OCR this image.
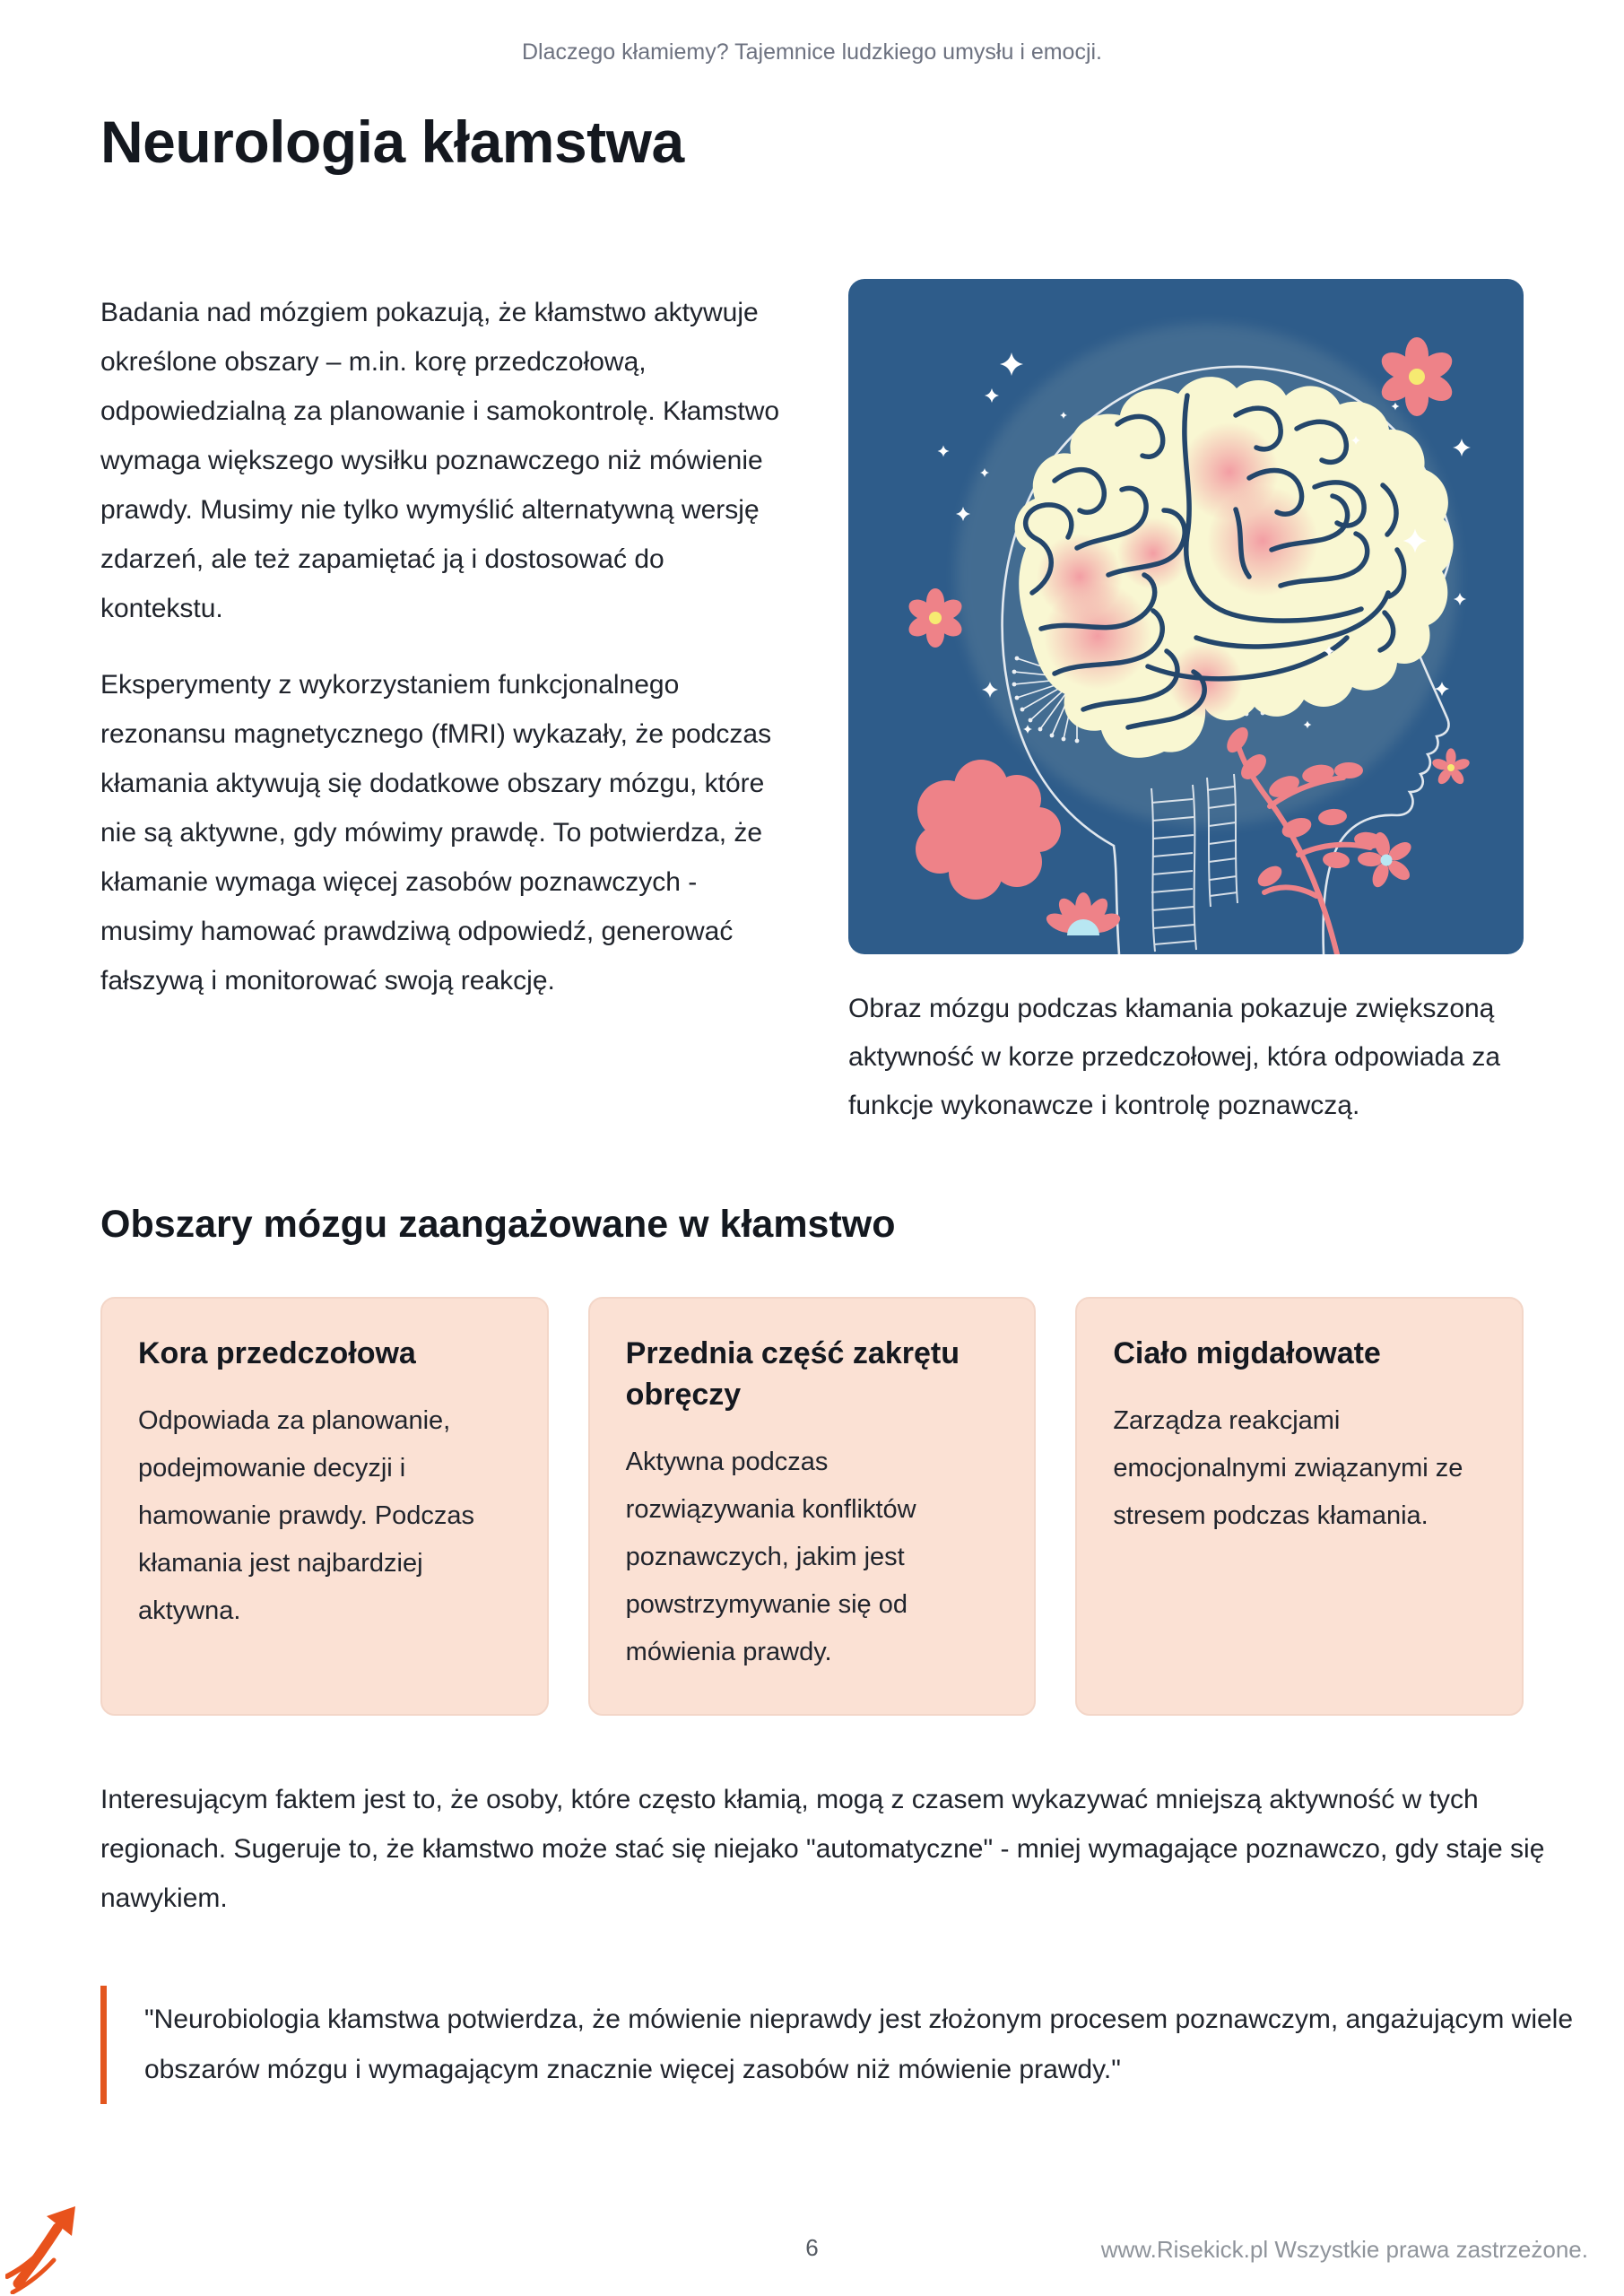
Dlaczego kłamiemy? Tajemnice ludzkiego umysłu i emocji.
Neurologia kłamstwa

Badania nad mózgiem pokazują, że kłamstwo aktywuje określone obszary – m.in. korę przedczołową, odpowiedzialną za planowanie i samokontrolę. Kłamstwo wymaga większego wysiłku poznawczego niż mówienie prawdy. Musimy nie tylko wymyślić alternatywną wersję zdarzeń, ale też zapamiętać ją i dostosować do kontekstu.

Eksperymenty z wykorzystaniem funkcjonalnego rezonansu magnetycznego (fMRI) wykazały, że podczas kłamania aktywują się dodatkowe obszary mózgu, które nie są aktywne, gdy mówimy prawdę. To potwierdza, że kłamanie wymaga więcej zasobów poznawczych - musimy hamować prawdziwą odpowiedź, generować fałszywą i monitorować swoją reakcję.

Obraz mózgu podczas kłamania pokazuje zwiększoną aktywność w korze przedczołowej, która odpowiada za funkcje wykonawcze i kontrolę poznawczą.
Obszary mózgu zaangażowane w kłamstwo
Kora przedczołowa

Odpowiada za planowanie, podejmowanie decyzji i hamowanie prawdy. Podczas kłamania jest najbardziej aktywna.

Przednia część zakrętu obręczy

Aktywna podczas rozwiązywania konfliktów poznawczych, jakim jest powstrzymywanie się od mówienia prawdy.

Ciało migdałowate

Zarządza reakcjami emocjonalnymi związanymi ze stresem podczas kłamania.

Interesującym faktem jest to, że osoby, które często kłamią, mogą z czasem wykazywać mniejszą aktywność w tych regionach. Sugeruje to, że kłamstwo może stać się niejako "automatyczne" - mniej wymagające poznawczo, gdy staje się nawykiem.

"Neurobiologia kłamstwa potwierdza, że mówienie nieprawdy jest złożonym procesem poznawczym, angażującym wiele obszarów mózgu i wymagającym znacznie więcej zasobów niż mówienie prawdy."

6	www.Risekick.pl Wszystkie prawa zastrzeżone.
